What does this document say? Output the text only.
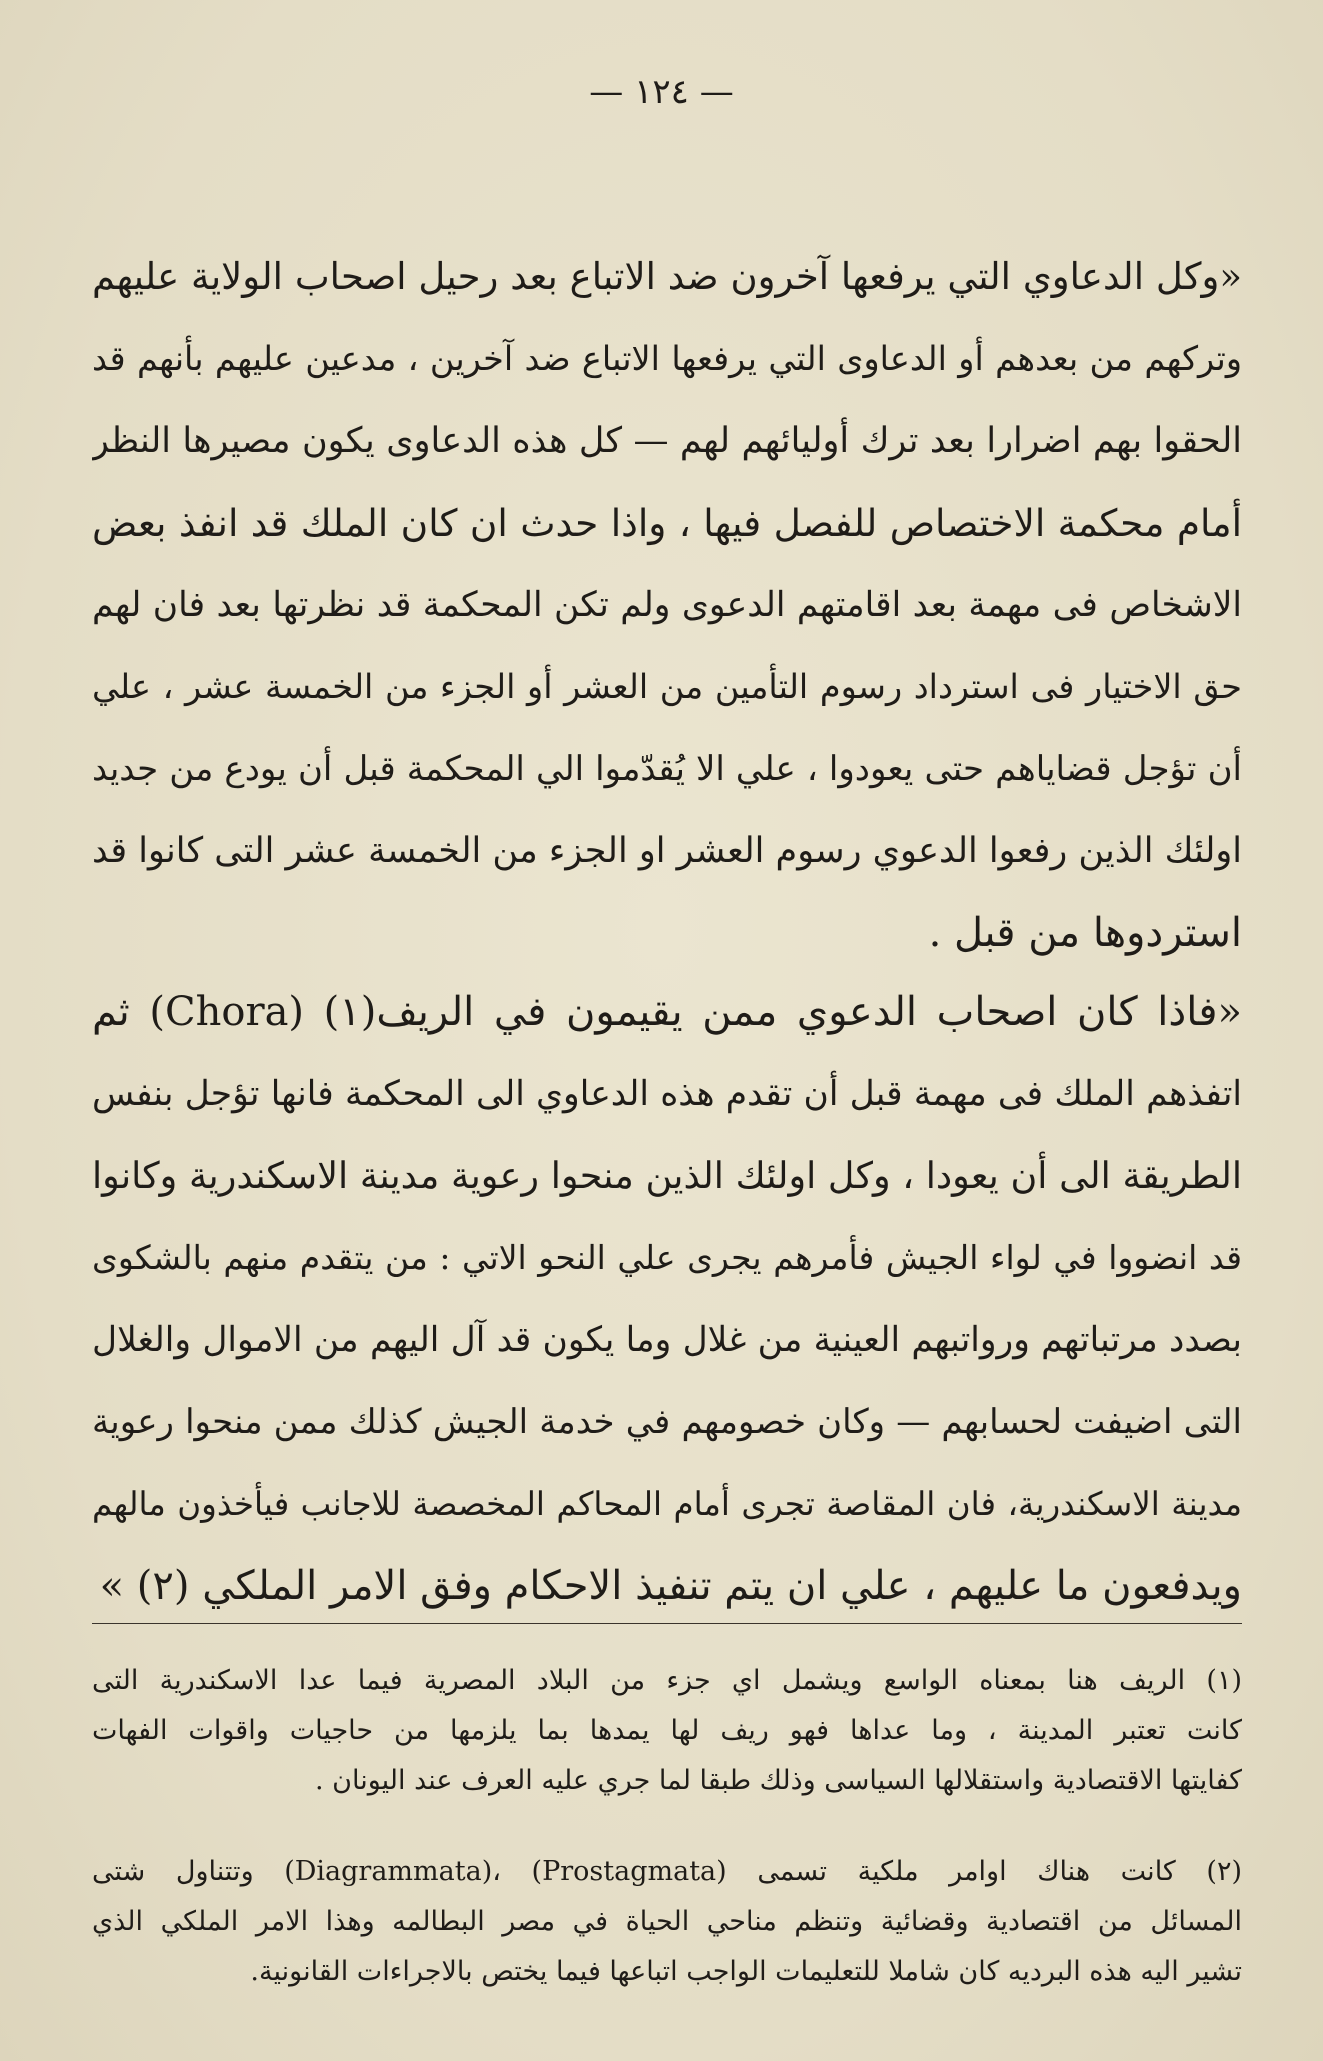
— ١٢٤ —
«وكل الدعاوي التي يرفعها آخرون ضد الاتباع بعد رحيل اصحاب الولاية عليهم
وتركهم من بعدهم أو الدعاوى التي يرفعها الاتباع ضد آخرين ، مدعين عليهم بأنهم قد
الحقوا بهم اضرارا بعد ترك أوليائهم لهم — كل هذه الدعاوى يكون مصيرها النظر
أمام محكمة الاختصاص للفصل فيها ، واذا حدث ان كان الملك قد انفذ بعض
الاشخاص فى مهمة بعد اقامتهم الدعوى ولم تكن المحكمة قد نظرتها بعد فان لهم
حق الاختيار فى استرداد رسوم التأمين من العشر أو الجزء من الخمسة عشر ، علي
أن تؤجل قضاياهم حتى يعودوا ، علي الا يُقدّموا الي المحكمة قبل أن يودع من جديد
اولئك الذين رفعوا الدعوي رسوم العشر او الجزء من الخمسة عشر التى كانوا قد
استردوها من قبل .
«فاذا كان اصحاب الدعوي ممن يقيمون في الريف(١) (Chora) ثم
اتفذهم الملك فى مهمة قبل أن تقدم هذه الدعاوي الى المحكمة فانها تؤجل بنفس
الطريقة الى أن يعودا ، وكل اولئك الذين منحوا رعوية مدينة الاسكندرية وكانوا
قد انضووا في لواء الجيش فأمرهم يجرى علي النحو الاتي : من يتقدم منهم بالشكوى
بصدد مرتباتهم ورواتبهم العينية من غلال وما يكون قد آل اليهم من الاموال والغلال
التى اضيفت لحسابهم — وكان خصومهم في خدمة الجيش كذلك ممن منحوا رعوية
مدينة الاسكندرية، فان المقاصة تجرى أمام المحاكم المخصصة للاجانب فيأخذون مالهم
ويدفعون ما عليهم ، علي ان يتم تنفيذ الاحكام وفق الامر الملكي (٢) »
(١) الريف هنا بمعناه الواسع ويشمل اي جزء من البلاد المصرية فيما عدا الاسكندرية التى
كانت تعتبر المدينة ، وما عداها فهو ريف لها يمدها بما يلزمها من حاجيات واقوات الفهات
كفايتها الاقتصادية واستقلالها السياسى وذلك طبقا لما جري عليه العرف عند اليونان .
(٢) كانت هناك اوامر ملكية تسمى (Prostagmata) ،(Diagrammata) وتتناول شتى
المسائل من اقتصادية وقضائية وتنظم مناحي الحياة في مصر البطالمه وهذا الامر الملكي الذي
تشير اليه هذه البرديه كان شاملا للتعليمات الواجب اتباعها فيما يختص بالاجراءات القانونية.
